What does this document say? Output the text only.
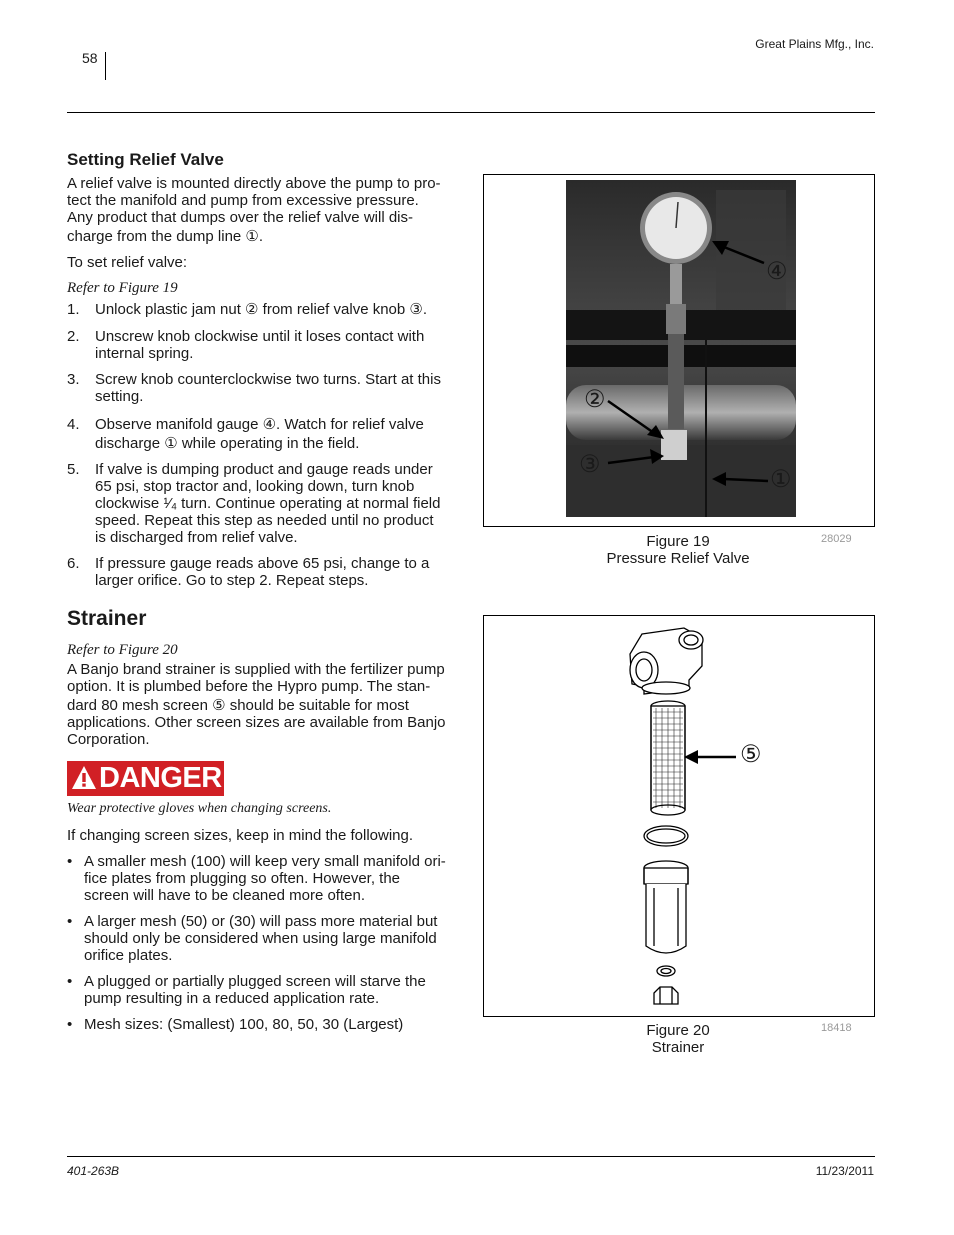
58
Great Plains Mfg., Inc.
Setting Relief Valve
A relief valve is mounted directly above the pump to pro-
tect the manifold and pump from excessive pressure.
Any product that dumps over the relief valve will dis-
charge from the dump line ①.
To set relief valve:
Refer to Figure 19
1. Unlock plastic jam nut ② from relief valve knob ③.
2. Unscrew knob clockwise until it loses contact with
internal spring.
3. Screw knob counterclockwise two turns. Start at this
setting.
4. Observe manifold gauge ④. Watch for relief valve
discharge ① while operating in the field.
5. If valve is dumping product and gauge reads under
65 psi, stop tractor and, looking down, turn knob
clockwise ¹⁄₄ turn. Continue operating at normal field
speed. Repeat this step as needed until no product
is discharged from relief valve.
6. If pressure gauge reads above 65 psi, change to a
larger orifice. Go to step 2. Repeat steps.
Strainer
Refer to Figure 20
A Banjo brand strainer is supplied with the fertilizer pump
option. It is plumbed before the Hypro pump. The stan-
dard 80 mesh screen ⑤ should be suitable for most
applications. Other screen sizes are available from Banjo
Corporation.
DANGER
Wear protective gloves when changing screens.
If changing screen sizes, keep in mind the following.
• A smaller mesh (100) will keep very small manifold ori-
fice plates from plugging so often. However, the
screen will have to be cleaned more often.
• A larger mesh (50) or (30) will pass more material but
should only be considered when using large manifold
orifice plates.
• A plugged or partially plugged screen will starve the
pump resulting in a reduced application rate.
• Mesh sizes: (Smallest) 100, 80, 50, 30 (Largest)
④
②
③
①
Figure 19
Pressure Relief Valve
28029
⑤
Figure 20
Strainer
18418
401-263B	11/23/2011
